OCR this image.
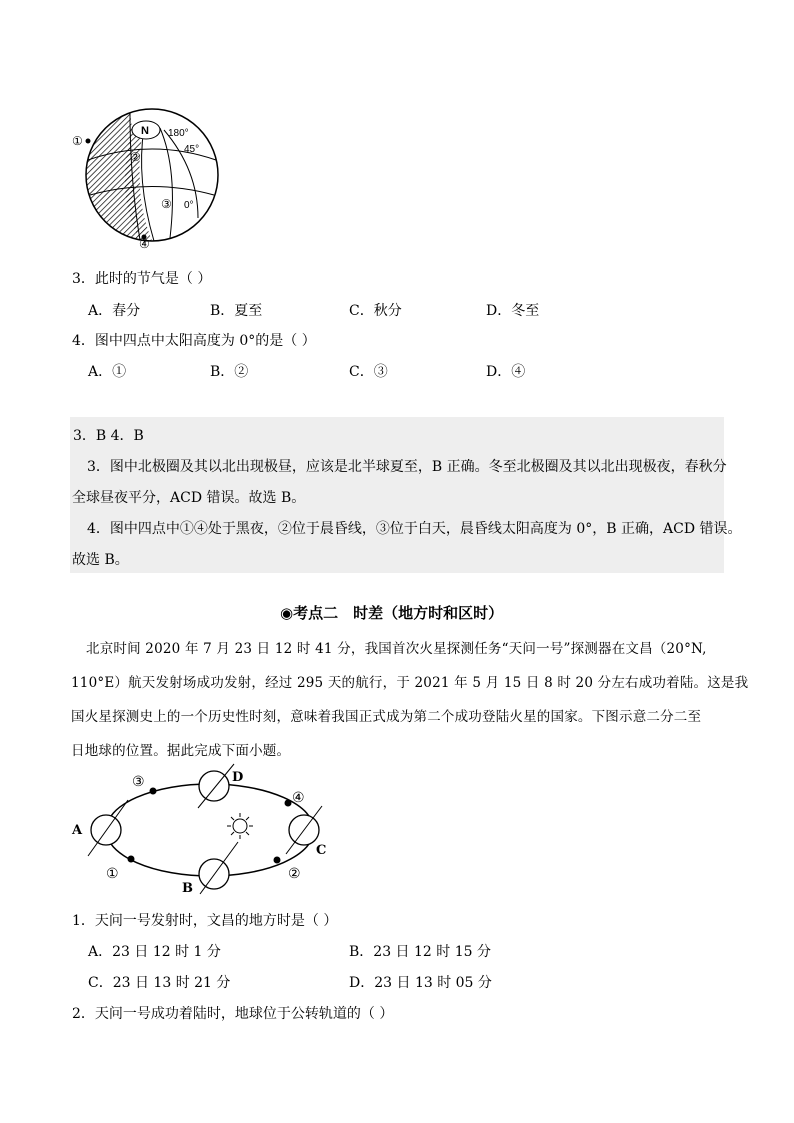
N 180°
45°
0°
①
②
③
④
3．此时的节气是（ ）
A．春分	B．夏至	C．秋分	D．冬至
4．图中四点中太阳高度为 0°的是（ ）
A．①	B．②	C．③	D．④
3．B 4．B
3．图中北极圈及其以北出现极昼，应该是北半球夏至，B 正确。冬至北极圈及其以北出现极夜，春秋分
全球昼夜平分，ACD 错误。故选 B。
4．图中四点中①④处于黑夜，②位于晨昏线，③位于白天，晨昏线太阳高度为 0°，B 正确，ACD 错误。
故选 B。
◉考点二　时差（地方时和区时）
北京时间 2020 年 7 月 23 日 12 时 41 分，我国首次火星探测任务“天问一号”探测器在文昌（20°N,
110°E）航天发射场成功发射，经过 295 天的航行，于 2021 年 5 月 15 日 8 时 20 分左右成功着陆。这是我
国火星探测史上的一个历史性时刻，意味着我国正式成为第二个成功登陆火星的国家。下图示意二分二至
日地球的位置。据此完成下面小题。
A
D
C
B
③
④
①	②
1．天问一号发射时，文昌的地方时是（ ）
A．23 日 12 时 1 分	B．23 日 12 时 15 分
C．23 日 13 时 21 分	D．23 日 13 时 05 分
2．天问一号成功着陆时，地球位于公转轨道的（ ）
